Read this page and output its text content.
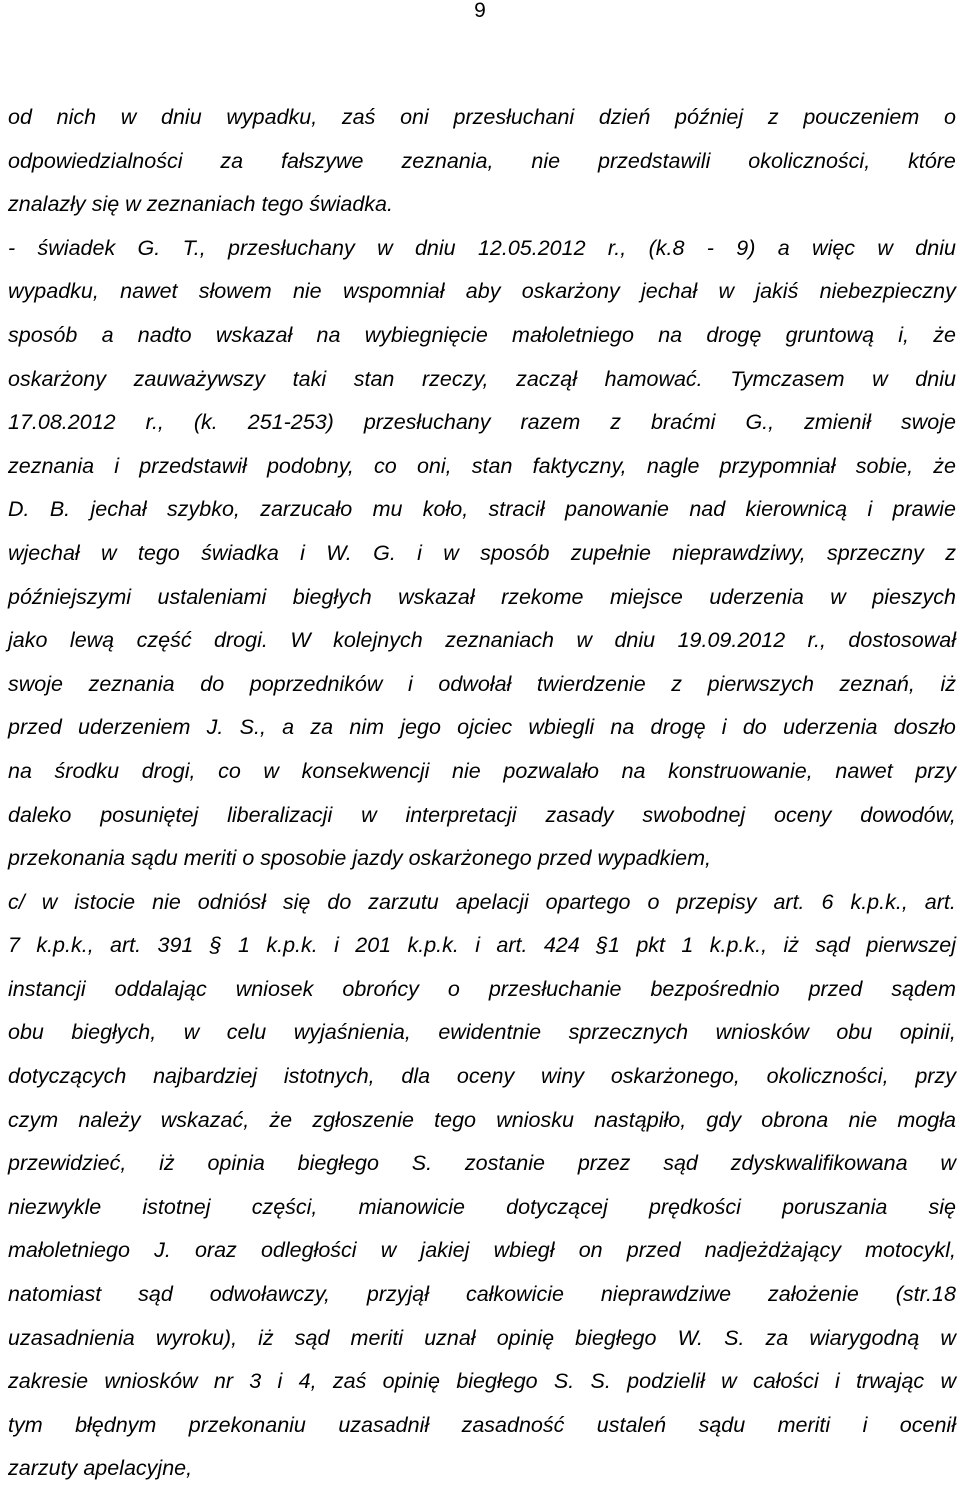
9
od nich w dniu wypadku, zaś oni przesłuchani dzień później z pouczeniem o
odpowiedzialności za fałszywe zeznania, nie przedstawili okoliczności, które
znalazły się w zeznaniach tego świadka.
- świadek G. T., przesłuchany w dniu 12.05.2012 r., (k.8 - 9) a więc w dniu
wypadku, nawet słowem nie wspomniał aby oskarżony jechał w jakiś niebezpieczny
sposób a nadto wskazał na wybiegnięcie małoletniego na drogę gruntową i, że
oskarżony zauważywszy taki stan rzeczy, zaczął hamować. Tymczasem w dniu
17.08.2012 r., (k. 251-253) przesłuchany razem z braćmi G., zmienił swoje
zeznania i przedstawił podobny, co oni, stan faktyczny, nagle przypomniał sobie, że
D. B. jechał szybko, zarzucało mu koło, stracił panowanie nad kierownicą i prawie
wjechał w tego świadka i W. G. i w sposób zupełnie nieprawdziwy, sprzeczny z
późniejszymi ustaleniami biegłych wskazał rzekome miejsce uderzenia w pieszych
jako lewą część drogi. W kolejnych zeznaniach w dniu 19.09.2012 r., dostosował
swoje zeznania do poprzedników i odwołał twierdzenie z pierwszych zeznań, iż
przed uderzeniem J. S., a za nim jego ojciec wbiegli na drogę i do uderzenia doszło
na środku drogi, co w konsekwencji nie pozwalało na konstruowanie, nawet przy
daleko posuniętej liberalizacji w interpretacji zasady swobodnej oceny dowodów,
przekonania sądu meriti o sposobie jazdy oskarżonego przed wypadkiem,
c/ w istocie nie odniósł się do zarzutu apelacji opartego o przepisy art. 6 k.p.k., art.
7 k.p.k., art. 391 § 1 k.p.k. i 201 k.p.k. i art. 424 §1 pkt 1 k.p.k., iż sąd pierwszej
instancji oddalając wniosek obrońcy o przesłuchanie bezpośrednio przed sądem
obu biegłych, w celu wyjaśnienia, ewidentnie sprzecznych wniosków obu opinii,
dotyczących najbardziej istotnych, dla oceny winy oskarżonego, okoliczności, przy
czym należy wskazać, że zgłoszenie tego wniosku nastąpiło, gdy obrona nie mogła
przewidzieć, iż opinia biegłego S. zostanie przez sąd zdyskwalifikowana w
niezwykle istotnej części, mianowicie dotyczącej prędkości poruszania się
małoletniego J. oraz odległości w jakiej wbiegł on przed nadjeżdżający motocykl,
natomiast sąd odwoławczy, przyjął całkowicie nieprawdziwe założenie (str.18
uzasadnienia wyroku), iż sąd meriti uznał opinię biegłego W. S. za wiarygodną w
zakresie wniosków nr 3 i 4, zaś opinię biegłego S. S. podzielił w całości i trwając w
tym błędnym przekonaniu uzasadnił zasadność ustaleń sądu meriti i ocenił
zarzuty apelacyjne,
